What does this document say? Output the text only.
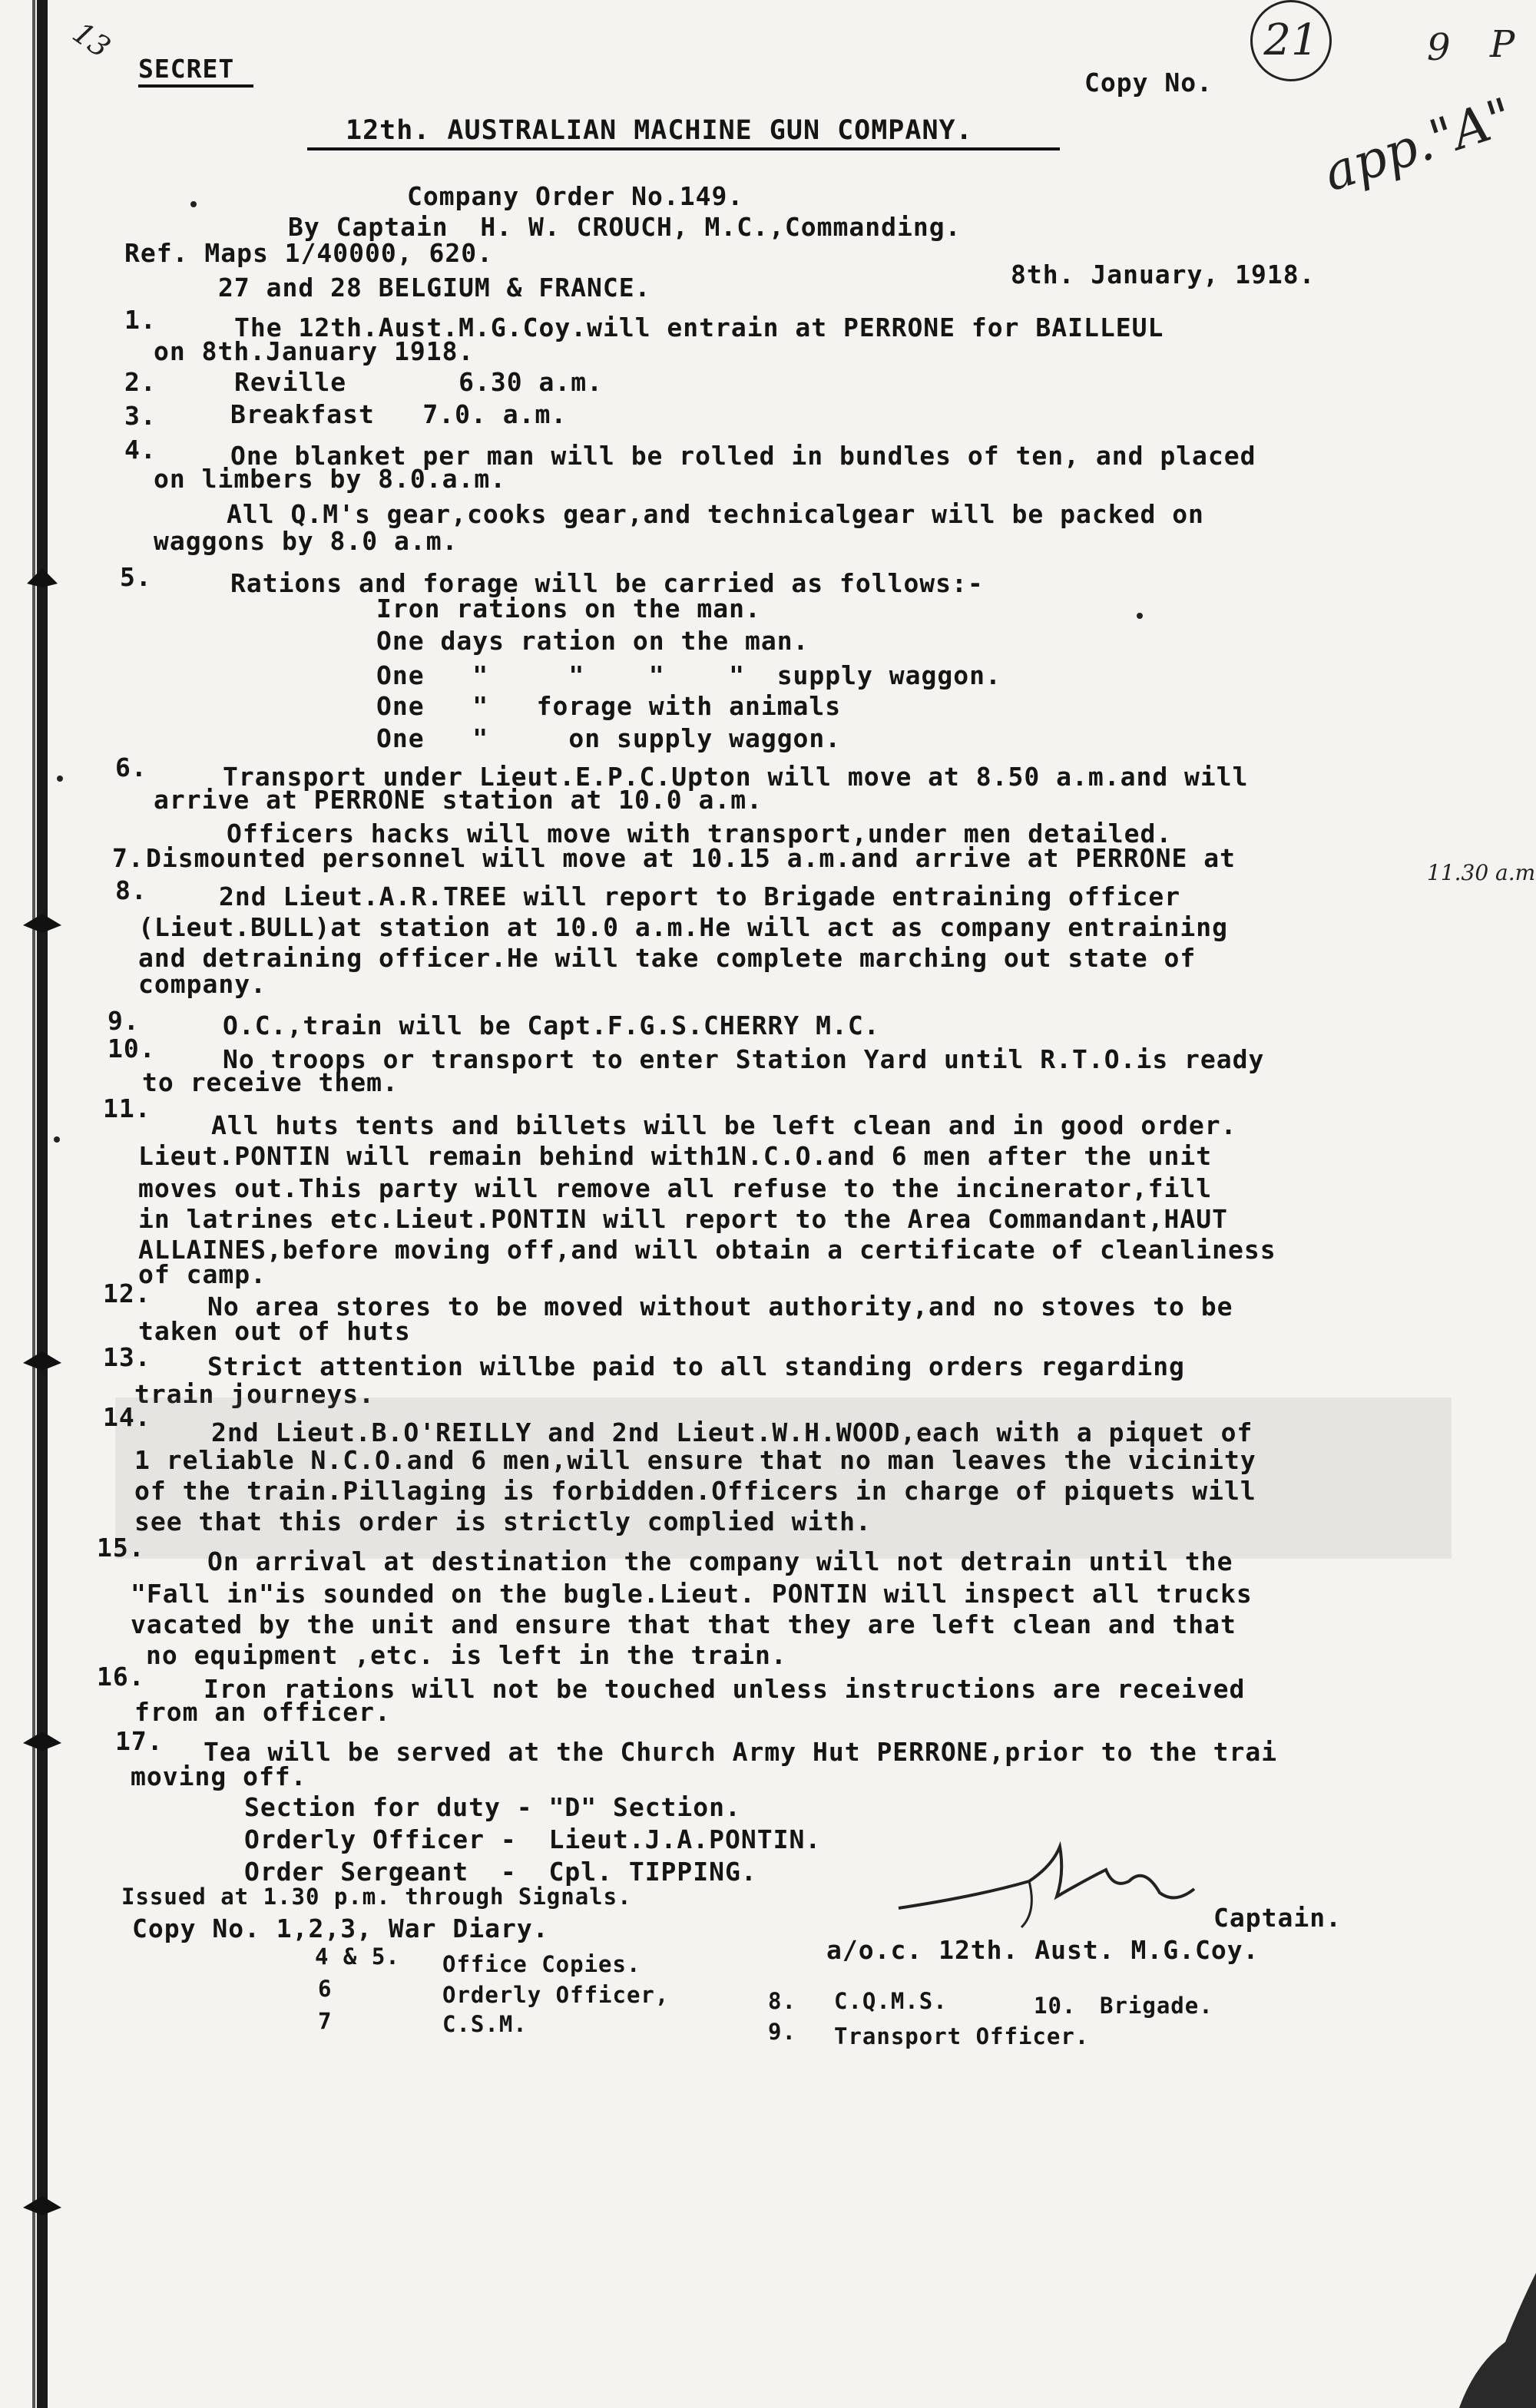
13	21	9 P
app."A"
SECRET	Copy No.
12th. AUSTRALIAN MACHINE GUN COMPANY.
Company Order No.149.
By Captain  H. W. CROUCH, M.C.,Commanding.
Ref. Maps 1/40000, 620.
8th. January, 1918.
27 and 28 BELGIUM & FRANCE.
1.	The 12th.Aust.M.G.Coy.will entrain at PERRONE for BAILLEUL
on 8th.January 1918.
2.	Reville       6.30 a.m.
3.	Breakfast   7.0. a.m.
4.	One blanket per man will be rolled in bundles of ten, and placed
on limbers by 8.0.a.m.
All Q.M's gear,cooks gear,and technicalgear will be packed on
waggons by 8.0 a.m.
5.	Rations and forage will be carried as follows:-
Iron rations on the man.
One days ration on the man.
One   "     "    "    "  supply waggon.
One   "   forage with animals
One   "     on supply waggon.
6.	Transport under Lieut.E.P.C.Upton will move at 8.50 a.m.and will
arrive at PERRONE station at 10.0 a.m.
Officers hacks will move with transport,under men detailed.
7. Dismounted personnel will move at 10.15 a.m.and arrive at PERRONE at	11.30 a.m
8.	2nd Lieut.A.R.TREE will report to Brigade entraining officer
(Lieut.BULL)at station at 10.0 a.m.He will act as company entraining
and detraining officer.He will take complete marching out state of
company.
9.	O.C.,train will be Capt.F.G.S.CHERRY M.C.
10.	No troops or transport to enter Station Yard until R.T.O.is ready
to receive them.
11.
All huts tents and billets will be left clean and in good order.
Lieut.PONTIN will remain behind with1N.C.O.and 6 men after the unit
moves out.This party will remove all refuse to the incinerator,fill
in latrines etc.Lieut.PONTIN will report to the Area Commandant,HAUT
ALLAINES,before moving off,and will obtain a certificate of cleanliness
of camp.
12. No area stores to be moved without authority,and no stoves to be
taken out of huts
13. Strict attention willbe paid to all standing orders regarding
train journeys.
14.
2nd Lieut.B.O'REILLY and 2nd Lieut.W.H.WOOD,each with a piquet of
1 reliable N.C.O.and 6 men,will ensure that no man leaves the vicinity
of the train.Pillaging is forbidden.Officers in charge of piquets will
see that this order is strictly complied with.
15. On arrival at destination the company will not detrain until the
"Fall in"is sounded on the bugle.Lieut. PONTIN will inspect all trucks
vacated by the unit and ensure that that they are left clean and that
no equipment ,etc. is left in the train.
16. Iron rations will not be touched unless instructions are received
from an officer.
17. Tea will be served at the Church Army Hut PERRONE,prior to the trai
moving off.
Section for duty - "D" Section.
Orderly Officer -  Lieut.J.A.PONTIN.
Order Sergeant  -  Cpl. TIPPING.
Issued at 1.30 p.m. through Signals.
Captain.
a/o.c. 12th. Aust. M.G.Coy.
Copy No. 1,2,3, War Diary.
4 & 5. Office Copies.
6	Orderly Officer,
7	C.S.M.
8. C.Q.M.S.
9. Transport Officer.
10. Brigade.
